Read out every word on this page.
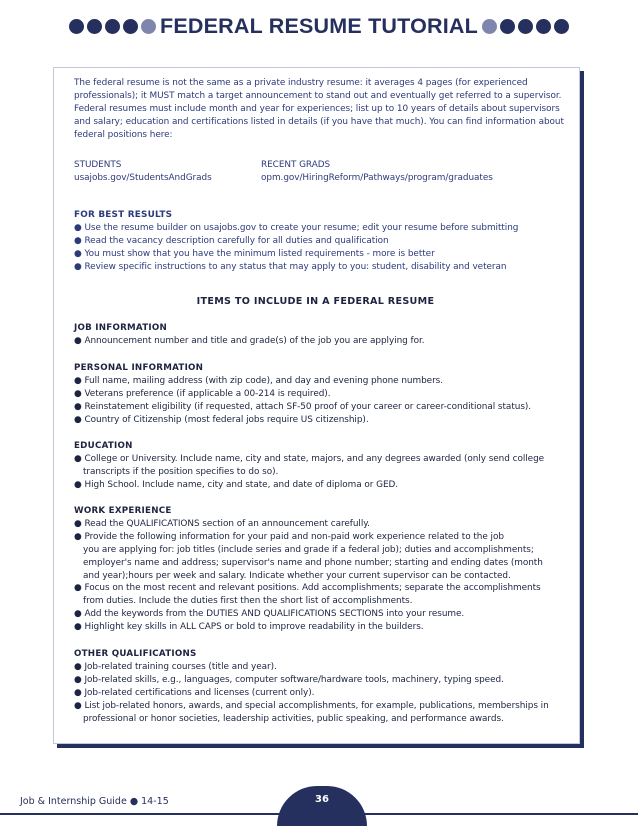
FEDERAL RESUME TUTORIAL
The federal resume is not the same as a private industry resume: it averages 4 pages (for experienced
professionals); it MUST match a target announcement to stand out and eventually get referred to a supervisor.
Federal resumes must include month and year for experiences; list up to 10 years of details about supervisors
and salary; education and certifications listed in details (if you have that much). You can find information about
federal positions here:
STUDENTS
usajobs.gov/StudentsAndGrads
RECENT GRADS
opm.gov/HiringReform/Pathways/program/graduates
FOR BEST RESULTS
● Use the resume builder on usajobs.gov to create your resume; edit your resume before submitting
● Read the vacancy description carefully for all duties and qualification
● You must show that you have the minimum listed requirements - more is better
● Review specific instructions to any status that may apply to you: student, disability and veteran
ITEMS TO INCLUDE IN A FEDERAL RESUME
JOB INFORMATION
● Announcement number and title and grade(s) of the job you are applying for.
PERSONAL INFORMATION
● Full name, mailing address (with zip code), and day and evening phone numbers.
● Veterans preference (if applicable a 00-214 is required).
● Reinstatement eligibility (if requested, attach SF-50 proof of your career or career-conditional status).
● Country of Citizenship (most federal jobs require US citizenship).
EDUCATION
● College or University. Include name, city and state, majors, and any degrees awarded (only send college
transcripts if the position specifies to do so).
● High School. Include name, city and state, and date of diploma or GED.
WORK EXPERIENCE
● Read the QUALIFICATIONS section of an announcement carefully.
● Provide the following information for your paid and non-paid work experience related to the job
you are applying for: job titles (include series and grade if a federal job); duties and accomplishments;
employer's name and address; supervisor's name and phone number; starting and ending dates (month
and year);hours per week and salary. Indicate whether your current supervisor can be contacted.
● Focus on the most recent and relevant positions. Add accomplishments; separate the accomplishments
from duties. Include the duties first then the short list of accomplishments.
● Add the keywords from the DUTIES AND QUALIFICATIONS SECTIONS into your resume.
● Highlight key skills in ALL CAPS or bold to improve readability in the builders.
OTHER QUALIFICATIONS
● Job-related training courses (title and year).
● Job-related skills, e.g., languages, computer software/hardware tools, machinery, typing speed.
● Job-related certifications and licenses (current only).
● List job-related honors, awards, and special accomplishments, for example, publications, memberships in
professional or honor societies, leadership activities, public speaking, and performance awards.
Job & Internship Guide ● 14-15	36
